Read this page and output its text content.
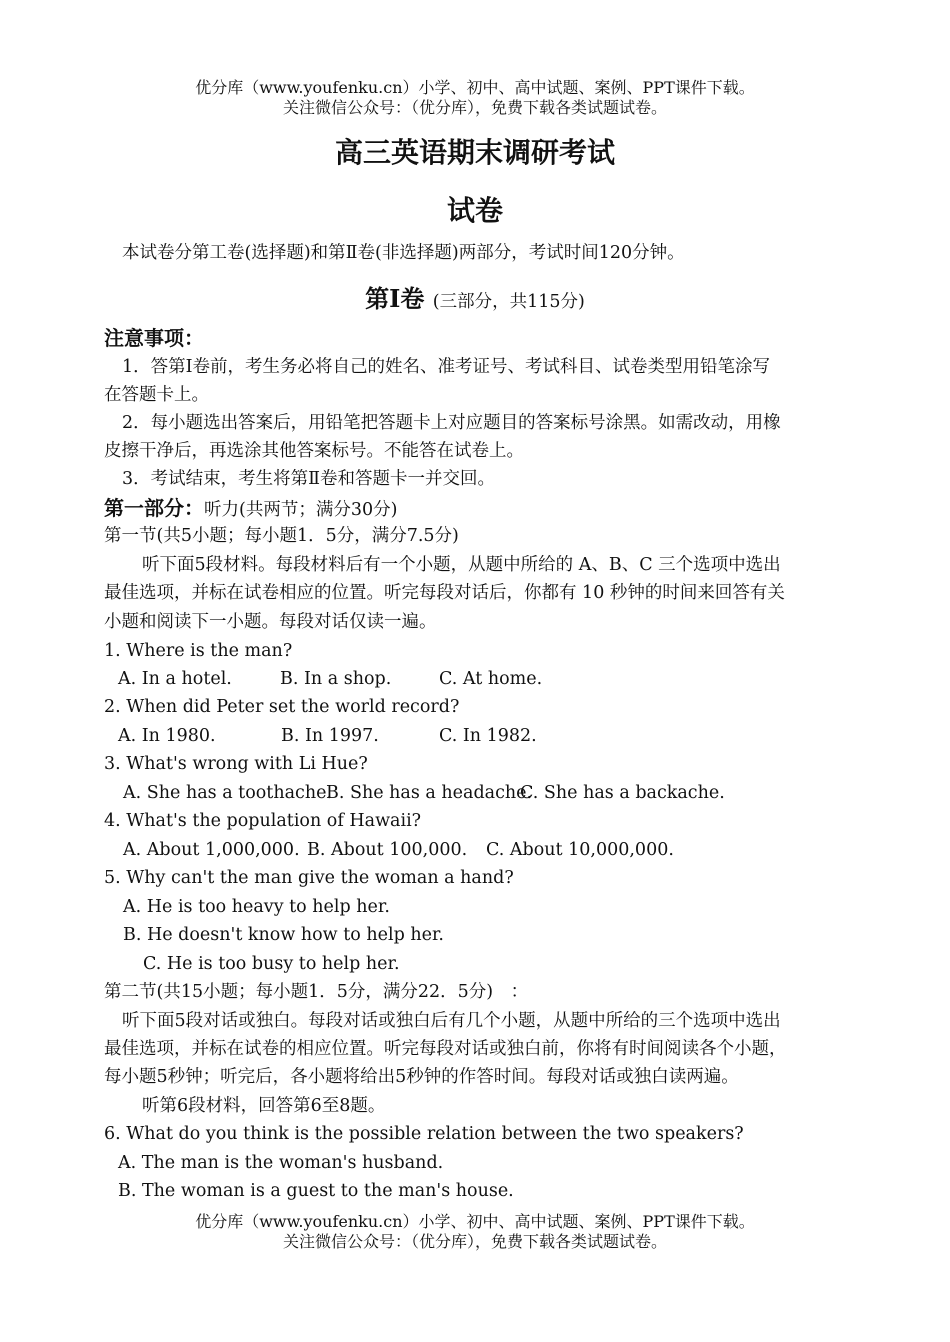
优分库（www.youfenku.cn）小学、初中、高中试题、案例、PPT课件下载。
关注微信公众号：（优分库），免费下载各类试题试卷。
高三英语期末调研考试
试卷
本试卷分第工卷(选择题)和第Ⅱ卷(非选择题)两部分，考试时间120分钟。
第Ⅰ卷 (三部分，共115分)
注意事项：
1．答第Ⅰ卷前，考生务必将自己的姓名、准考证号、考试科目、试卷类型用铅笔涂写
在答题卡上。
2．每小题选出答案后，用铅笔把答题卡上对应题目的答案标号涂黑。如需改动，用橡
皮擦干净后，再选涂其他答案标号。不能答在试卷上。
3．考试结束，考生将第Ⅱ卷和答题卡一并交回。
第一部分：听力(共两节；满分30分)
第一节(共5小题；每小题1．5分，满分7.5分)
听下面5段材料。每段材料后有一个小题，从题中所给的 A、B、C 三个选项中选出
最佳选项，并标在试卷相应的位置。听完每段对话后，你都有 10 秒钟的时间来回答有关
小题和阅读下一小题。每段对话仅读一遍。
1. Where is the man?
A. In a hotel.	B. In a shop.	C. At home.
2. When did Peter set the world record?
A. In 1980.	B. In 1997.	C. In 1982.
3. What's wrong with Li Hue?
A. She has a toothache.B. She has a headache.C. She has a backache.
4. What's the population of Hawaii?
A. About 1,000,000. B. About 100,000. C. About 10,000,000.
5. Why can't the man give the woman a hand?
A. He is too heavy to help her.
B. He doesn't know how to help her.
C. He is too busy to help her.
第二节(共15小题；每小题1．5分，满分22．5分)　：
听下面5段对话或独白。每段对话或独白后有几个小题，从题中所给的三个选项中选出
最佳选项，并标在试卷的相应位置。听完每段对话或独白前，你将有时间阅读各个小题，
每小题5秒钟；听完后，各小题将给出5秒钟的作答时间。每段对话或独白读两遍。
听第6段材料，回答第6至8题。
6. What do you think is the possible relation between the two speakers?
A. The man is the woman's husband.
B. The woman is a guest to the man's house.
优分库（www.youfenku.cn）小学、初中、高中试题、案例、PPT课件下载。
关注微信公众号：（优分库），免费下载各类试题试卷。
